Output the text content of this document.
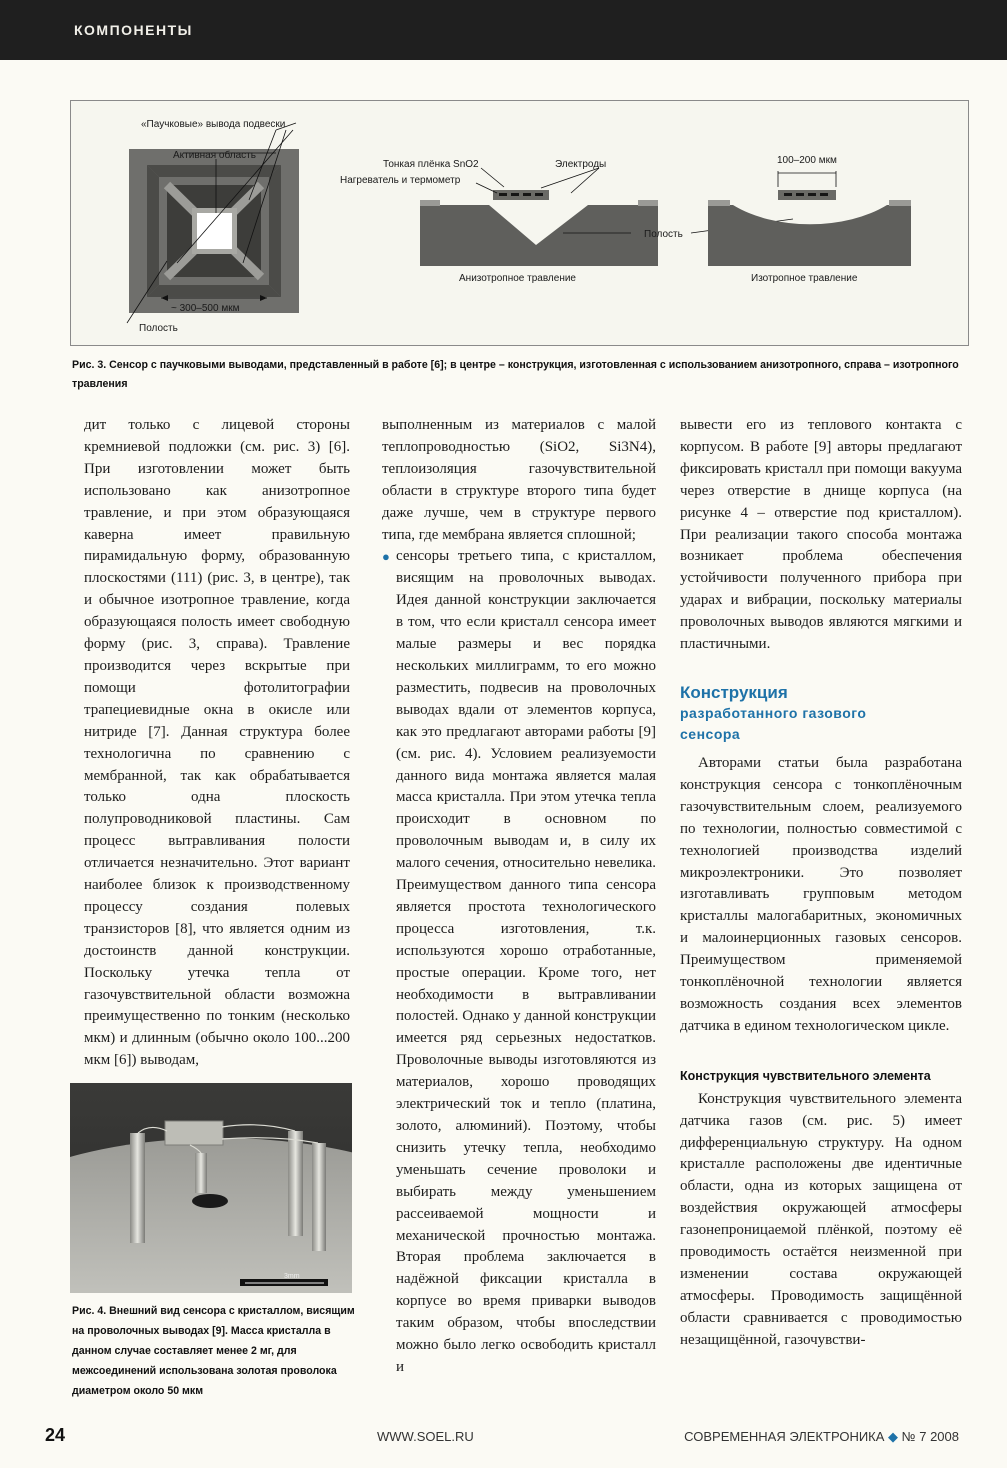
КОМПОНЕНТЫ
«Паучковые» вывода подвески
Активная область
~ 300–500 мкм
Полость
Тонкая плёнка SnO2
Нагреватель и термометр
Электроды
Полость
Анизотропное травление
100–200 мкм
Изотропное травление
Рис. 3. Сенсор с паучковыми выводами, представленный в работе [6]; в центре – конструкция, изготовленная с использованием анизотропного, справа – изотропного травления

дит только с лицевой стороны кремниевой подложки (см. рис. 3) [6]. При изготовлении может быть использовано как анизотропное травление, и при этом образующаяся каверна имеет правильную пирамидальную форму, образованную плоскостями (111) (рис. 3, в центре), так и обычное изотропное травление, когда образующаяся полость имеет свободную форму (рис. 3, справа). Травление производится через вскрытые при помощи фотолитографии трапециевидные окна в окисле или нитриде [7]. Данная структура более технологична по сравнению с мембранной, так как обрабатывается только одна плоскость полупроводниковой пластины. Сам процесс вытравливания полости отличается незначительно. Этот вариант наиболее близок к производственному процессу создания полевых транзисторов [8], что является одним из достоинств данной конструкции. Поскольку утечка тепла от газочувствительной области возможна преимущественно по тонким (несколько мкм) и длинным (обычно около 100...200 мкм [6]) выводам,

3mm
Рис. 4. Внешний вид сенсора с кристаллом, висящим на проволочных выводах [9]. Масса кристалла в данном случае составляет менее 2 мг, для межсоединений использована золотая проволока диаметром около 50 мкм

выполненным из материалов с малой теплопроводностью (SiO2, Si3N4), теплоизоляция газочувствительной области в структуре второго типа будет даже лучше, чем в структуре первого типа, где мембрана является сплошной;

● сенсоры третьего типа, с кристаллом, висящим на проволочных выводах. Идея данной конструкции заключается в том, что если кристалл сенсора имеет малые размеры и вес порядка нескольких миллиграмм, то его можно разместить, подвесив на проволочных выводах вдали от элементов корпуса, как это предлагают авторами работы [9] (см. рис. 4). Условием реализуемости данного вида монтажа является малая масса кристалла. При этом утечка тепла происходит в основном по проволочным выводам и, в силу их малого сечения, относительно невелика. Преимуществом данного типа сенсора является простота технологического процесса изготовления, т.к. используются хорошо отработанные, простые операции. Кроме того, нет необходимости в вытравливании полостей. Однако у данной конструкции имеется ряд серьезных недостатков. Проволочные выводы изготовляются из материалов, хорошо проводящих электрический ток и тепло (платина, золото, алюминий). Поэтому, чтобы снизить утечку тепла, необходимо уменьшать сечение проволоки и выбирать между уменьшением рассеиваемой мощности и механической прочностью монтажа. Вторая проблема заключается в надёжной фиксации кристалла в корпусе во время приварки выводов таким образом, чтобы впоследствии можно было легко освободить кристалл и

вывести его из теплового контакта с корпусом. В работе [9] авторы предлагают фиксировать кристалл при помощи вакуума через отверстие в днище корпуса (на рисунке 4 – отверстие под кристаллом). При реализации такого способа монтажа возникает проблема обеспечения устойчивости полученного прибора при ударах и вибрации, поскольку материалы проволочных выводов являются мягкими и пластичными.

Конструкция
разработанного газового
сенсора

Авторами статьи была разработана конструкция сенсора с тонкоплёночным газочувствительным слоем, реализуемого по технологии, полностью совместимой с технологией производства изделий микроэлектроники. Это позволяет изготавливать групповым методом кристаллы малогабаритных, экономичных и малоинерционных газовых сенсоров. Преимуществом применяемой тонкоплёночной технологии является возможность создания всех элементов датчика в едином технологическом цикле.

Конструкция чувствительного элемента

Конструкция чувствительного элемента датчика газов (см. рис. 5) имеет дифференциальную структуру. На одном кристалле расположены две идентичные области, одна из которых защищена от воздействия окружающей атмосферы газонепроницаемой плёнкой, поэтому её проводимость остаётся неизменной при изменении состава окружающей атмосферы. Проводимость защищённой области сравнивается с проводимостью незащищённой, газочувстви-

24	WWW.SOEL.RU	СОВРЕМЕННАЯ ЭЛЕКТРОНИКА ◆ № 7 2008
